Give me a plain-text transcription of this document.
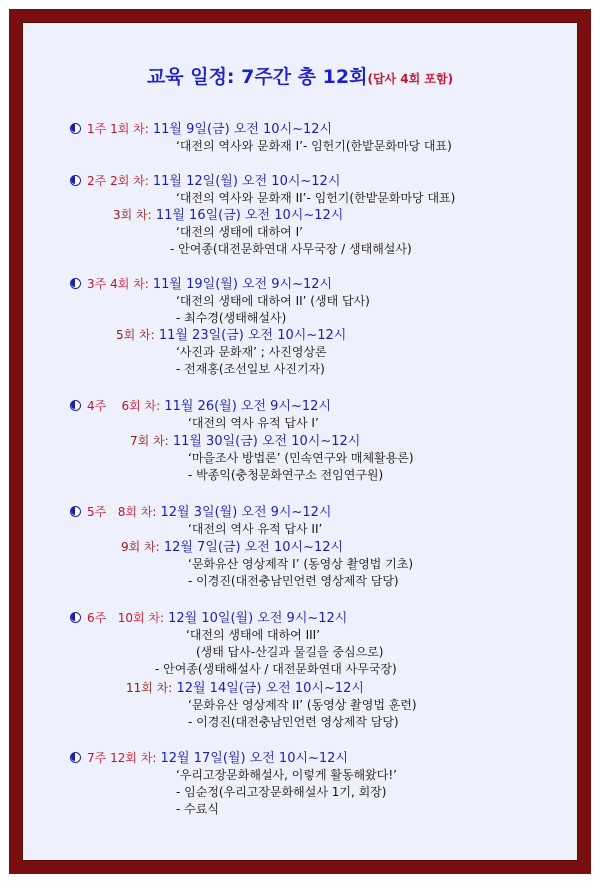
교육 일정: 7주간 총 12회(답사 4회 포함)
1주 1회 차: 11월 9일(금) 오전 10시~12시
‘대전의 역사와 문화재 Ⅰ’- 임헌기(한밭문화마당 대표)
2주 2회 차: 11월 12일(월) 오전 10시~12시
‘대전의 역사와 문화재 II’- 임헌기(한밭문화마당 대표)
3회 차: 11월 16일(금) 오전 10시~12시
‘대전의 생태에 대하여 Ⅰ’
- 안여종(대전문화연대 사무국장 / 생태해설사)
3주 4회 차: 11월 19일(월) 오전 9시~12시
‘대전의 생태에 대하여 II’ (생태 답사)
- 최수경(생태해설사)
5회 차: 11월 23일(금) 오전 10시~12시
‘사진과 문화재’ ; 사진영상론
- 전재홍(조선일보 사진기자)
4주 6회 차: 11월 26(월) 오전 9시~12시
‘대전의 역사 유적 답사 Ⅰ’
7회 차: 11월 30일(금) 오전 10시~12시
‘마을조사 방법론’ (민속연구와 매체활용론)
- 박종익(충청문화연구소 전임연구원)
5주 8회 차: 12월 3일(월) 오전 9시~12시
‘대전의 역사 유적 답사 II’
9회 차: 12월 7일(금) 오전 10시~12시
‘문화유산 영상제작 Ⅰ’ (동영상 촬영법 기초)
- 이경진(대전충남민언련 영상제작 담당)
6주 10회 차: 12월 10일(월) 오전 9시~12시
‘대전의 생태에 대하여 III’
(생태 답사-산길과 물길을 중심으로)
- 안여종(생태해설사 / 대전문화연대 사무국장)
11회 차: 12월 14일(금) 오전 10시~12시
‘문화유산 영상제작 II’ (동영상 촬영법 훈련)
- 이경진(대전충남민언련 영상제작 담당)
7주 12회 차: 12월 17일(월) 오전 10시~12시
‘우리고장문화해설사, 이렇게 활동해왔다!’
- 임순정(우리고장문화해설사 1기, 회장)
- 수료식
